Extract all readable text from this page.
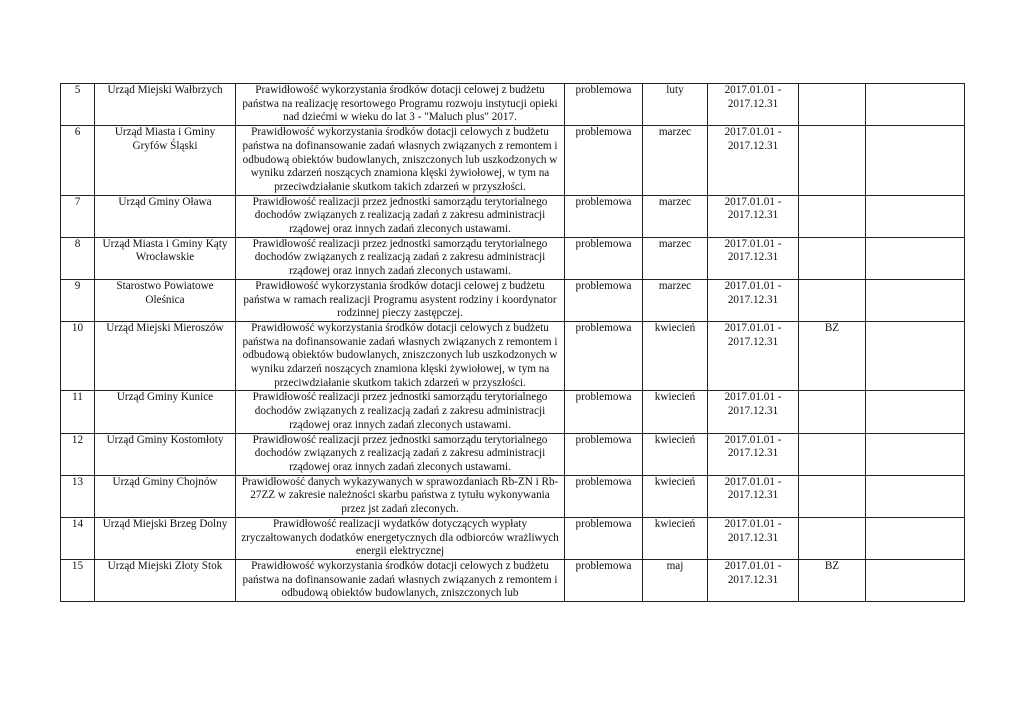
5	Urząd Miejski Wałbrzych	Prawidłowość wykorzystania środków dotacji celowej z budżetu państwa na realizację resortowego Programu rozwoju instytucji opieki nad dziećmi w wieku do lat 3 - "Maluch plus" 2017.	problemowa	luty	2017.01.01 - 2017.12.31		
6	Urząd Miasta i Gminy Gryfów Śląski	Prawidłowość wykorzystania środków dotacji celowych z budżetu państwa na dofinansowanie zadań własnych związanych z remontem i odbudową obiektów budowlanych, zniszczonych lub uszkodzonych w wyniku zdarzeń noszących znamiona klęski żywiołowej, w tym na przeciwdziałanie skutkom takich zdarzeń w przyszłości.	problemowa	marzec	2017.01.01 - 2017.12.31		
7	Urząd Gminy Oława	Prawidłowość realizacji przez jednostki samorządu terytorialnego dochodów związanych z realizacją zadań z zakresu administracji rządowej oraz innych zadań zleconych ustawami.	problemowa	marzec	2017.01.01 - 2017.12.31		
8	Urząd Miasta i Gminy Kąty Wrocławskie	Prawidłowość realizacji przez jednostki samorządu terytorialnego dochodów związanych z realizacją zadań z zakresu administracji rządowej oraz innych zadań zleconych ustawami.	problemowa	marzec	2017.01.01 - 2017.12.31		
9	Starostwo Powiatowe Oleśnica	Prawidłowość wykorzystania środków dotacji celowej z budżetu państwa w ramach realizacji Programu asystent rodziny i koordynator rodzinnej pieczy zastępczej.	problemowa	marzec	2017.01.01 - 2017.12.31		
10	Urząd Miejski Mieroszów	Prawidłowość wykorzystania środków dotacji celowych z budżetu państwa na dofinansowanie zadań własnych związanych z remontem i odbudową obiektów budowlanych, zniszczonych lub uszkodzonych w wyniku zdarzeń noszących znamiona klęski żywiołowej, w tym na przeciwdziałanie skutkom takich zdarzeń w przyszłości.	problemowa	kwiecień	2017.01.01 - 2017.12.31	BZ	
11	Urząd Gminy Kunice	Prawidłowość realizacji przez jednostki samorządu terytorialnego dochodów związanych z realizacją zadań z zakresu administracji rządowej oraz innych zadań zleconych ustawami.	problemowa	kwiecień	2017.01.01 - 2017.12.31		
12	Urząd Gminy Kostomłoty	Prawidłowość realizacji przez jednostki samorządu terytorialnego dochodów związanych z realizacją zadań z zakresu administracji rządowej oraz innych zadań zleconych ustawami.	problemowa	kwiecień	2017.01.01 - 2017.12.31		
13	Urząd Gminy Chojnów	Prawidłowość danych wykazywanych w sprawozdaniach Rb-ZN i Rb-27ZZ w zakresie należności skarbu państwa z tytułu wykonywania przez jst zadań zleconych.	problemowa	kwiecień	2017.01.01 - 2017.12.31		
14	Urząd Miejski Brzeg Dolny	Prawidłowość realizacji wydatków dotyczących wypłaty zryczałtowanych dodatków energetycznych dla odbiorców wrażliwych energii elektrycznej	problemowa	kwiecień	2017.01.01 - 2017.12.31		
15	Urząd Miejski Złoty Stok	Prawidłowość wykorzystania środków dotacji celowych z budżetu państwa na dofinansowanie zadań własnych związanych z remontem i odbudową obiektów budowlanych, zniszczonych lub	problemowa	maj	2017.01.01 - 2017.12.31	BZ	
